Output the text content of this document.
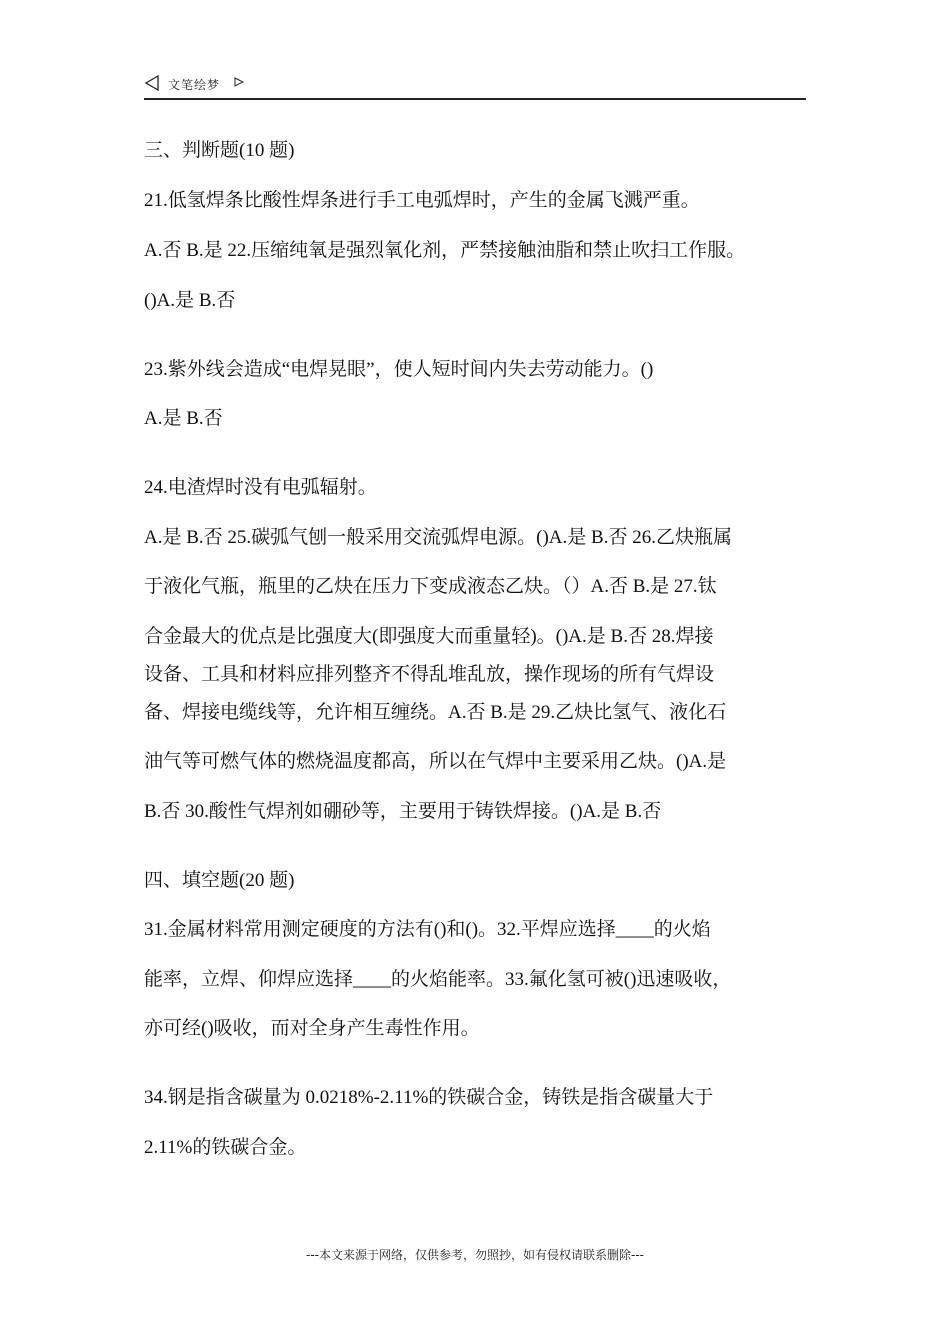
文笔绘梦
三、判断题(10 题)
21.低氢焊条比酸性焊条进行手工电弧焊时，产生的金属飞溅严重。
A.否 B.是 22.压缩纯氧是强烈氧化剂，严禁接触油脂和禁止吹扫工作服。
()A.是 B.否
23.紫外线会造成“电焊晃眼”，使人短时间内失去劳动能力。()
A.是 B.否
24.电渣焊时没有电弧辐射。
A.是 B.否 25.碳弧气刨一般采用交流弧焊电源。()A.是 B.否 26.乙炔瓶属
于液化气瓶，瓶里的乙炔在压力下变成液态乙炔。（）A.否 B.是 27.钛
合金最大的优点是比强度大(即强度大而重量轻)。()A.是 B.否 28.焊接
设备、工具和材料应排列整齐不得乱堆乱放，操作现场的所有气焊设
备、焊接电缆线等，允许相互缠绕。A.否 B.是 29.乙炔比氢气、液化石
油气等可燃气体的燃烧温度都高，所以在气焊中主要采用乙炔。()A.是
B.否 30.酸性气焊剂如硼砂等，主要用于铸铁焊接。()A.是 B.否
四、填空题(20 题)
31.金属材料常用测定硬度的方法有()和()。32.平焊应选择____的火焰
能率，立焊、仰焊应选择____的火焰能率。33.氟化氢可被()迅速吸收，
亦可经()吸收，而对全身产生毒性作用。
34.钢是指含碳量为 0.0218%-2.11%的铁碳合金，铸铁是指含碳量大于
2.11%的铁碳合金。
---本文来源于网络，仅供参考，勿照抄，如有侵权请联系删除---
